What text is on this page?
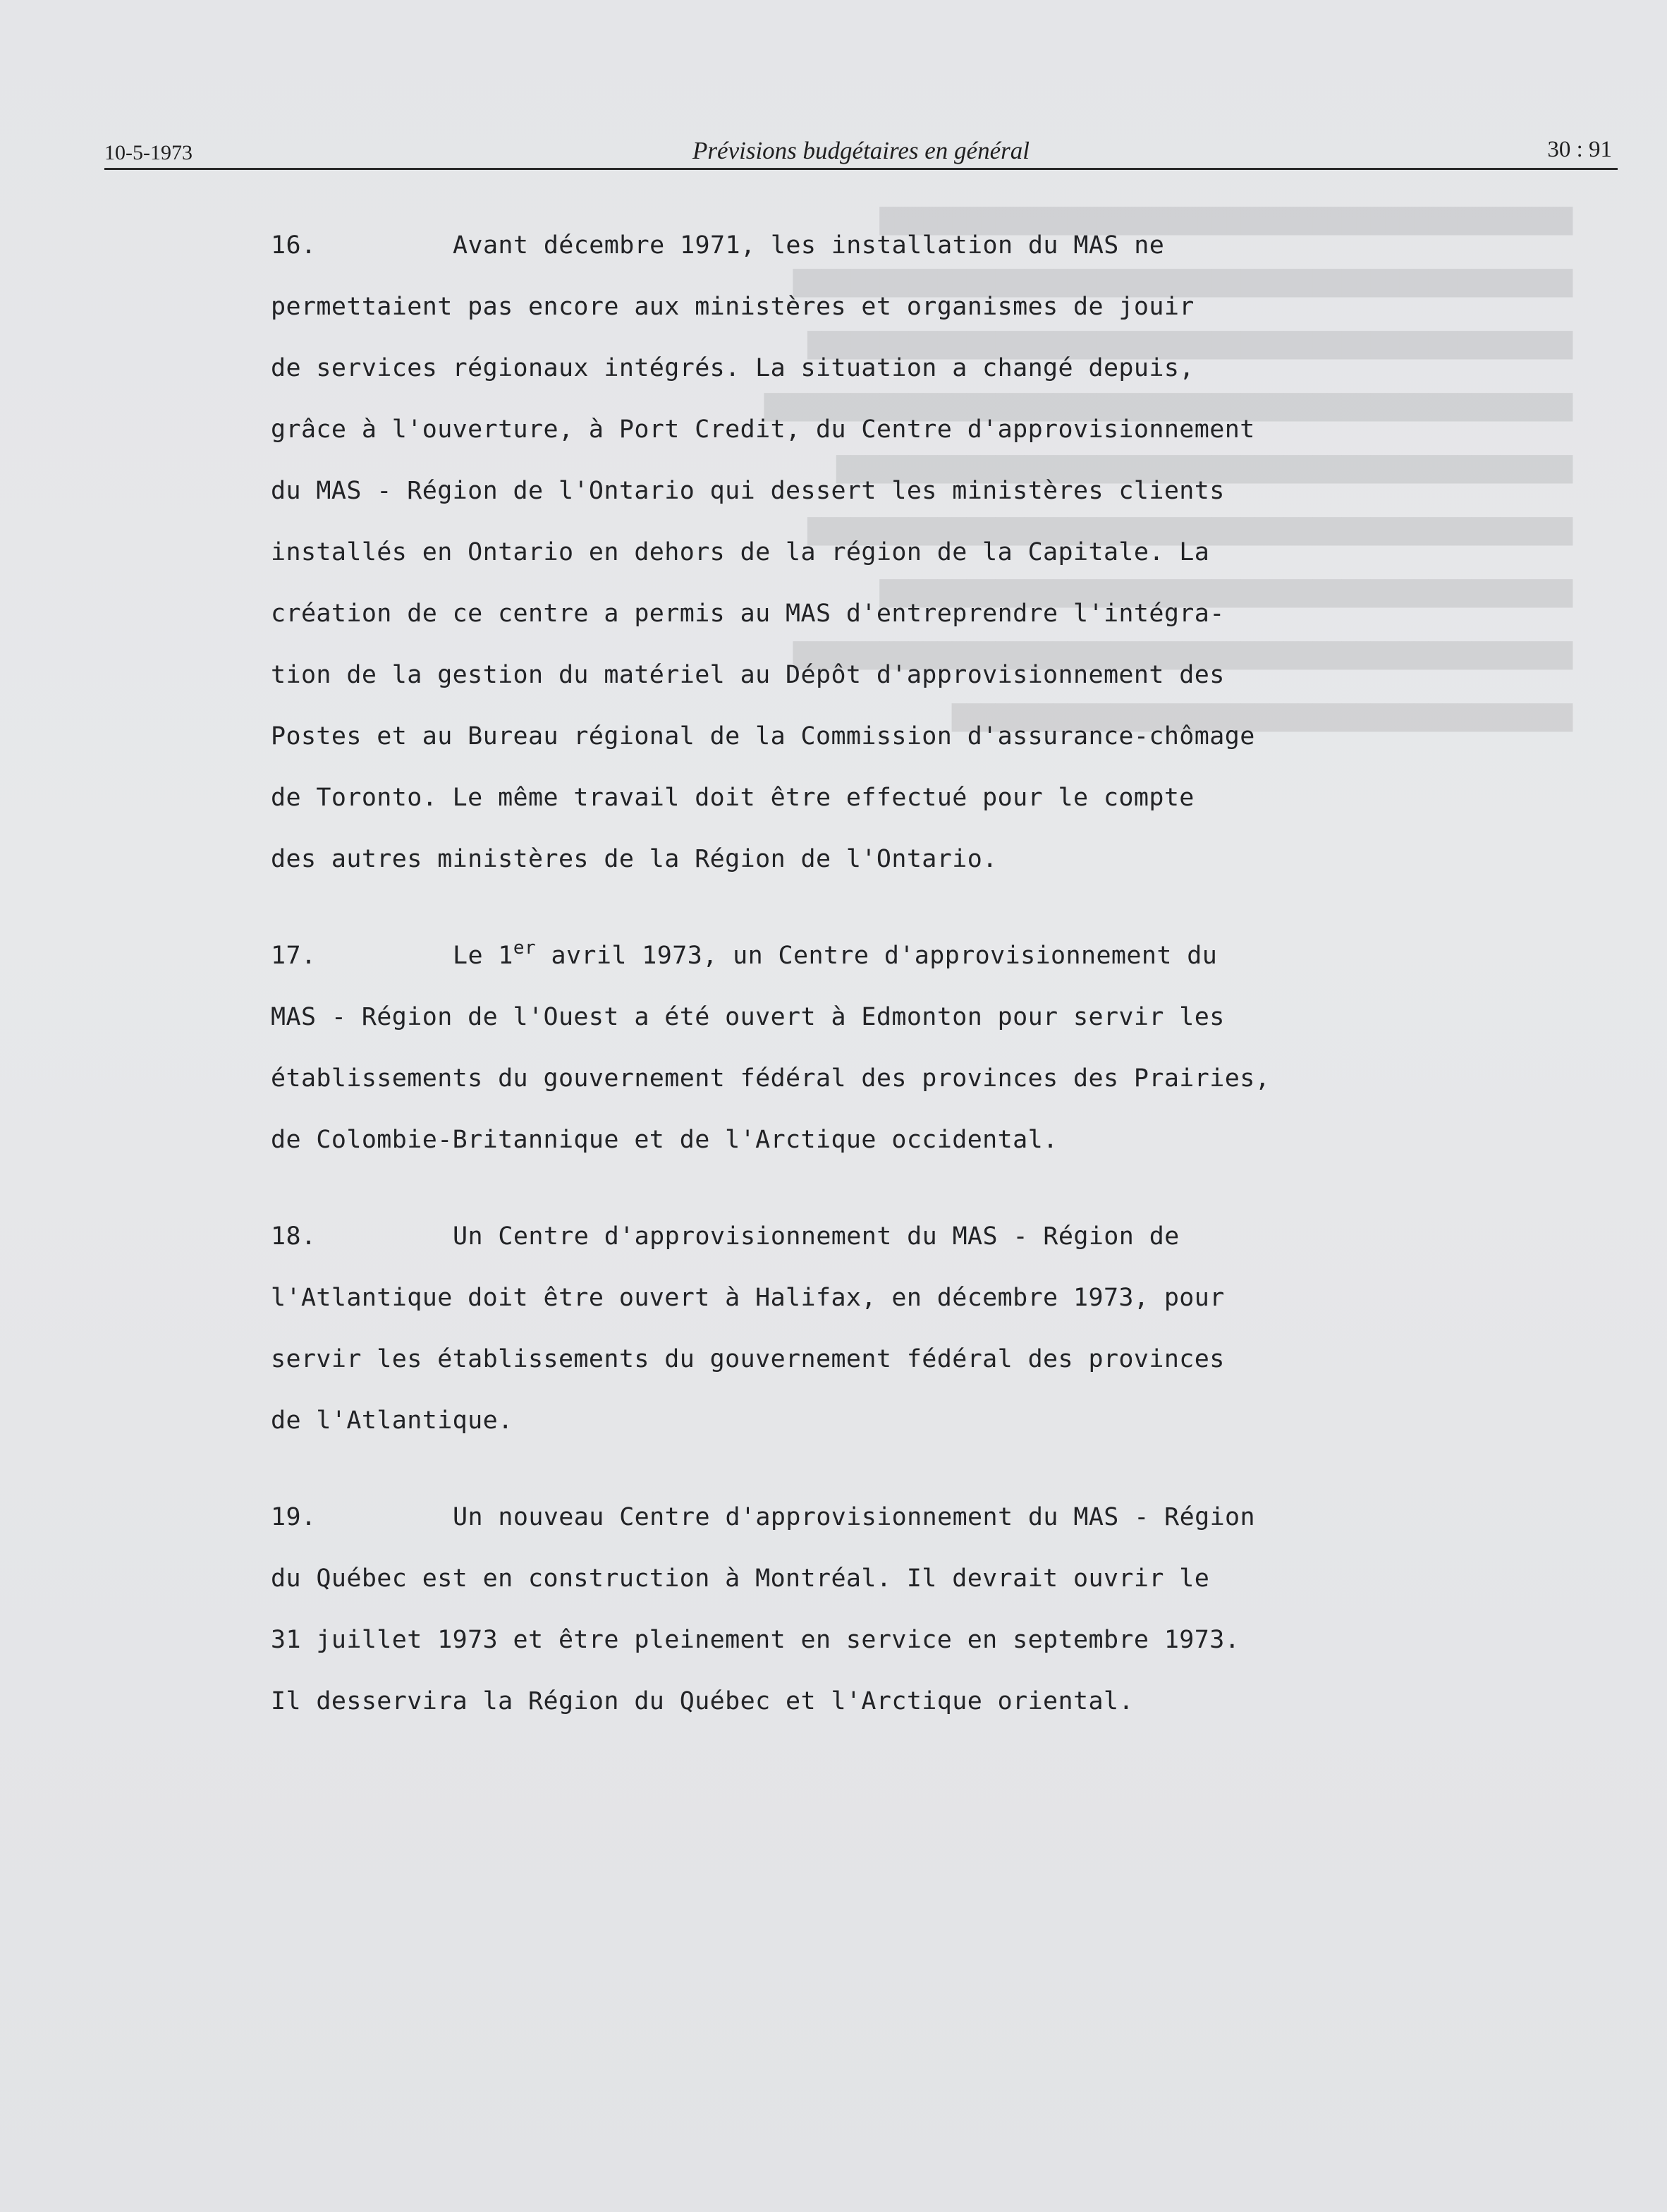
████████████████████████████████████████████████
██████████████████████████████████████████████████████
█████████████████████████████████████████████████████
████████████████████████████████████████████████████████
███████████████████████████████████████████████████
█████████████████████████████████████████████████████
████████████████████████████████████████████████
██████████████████████████████████████████████████████
███████████████████████████████████████████
10-5-1973	Prévisions budgétaires en général	30 : 91
16.	Avant décembre 1971, les installation du MAS ne
permettaient pas encore aux ministères et organismes de jouir
de services régionaux intégrés. La situation a changé depuis,
grâce à l'ouverture, à Port Credit, du Centre d'approvisionnement
du MAS - Région de l'Ontario qui dessert les ministères clients
installés en Ontario en dehors de la région de la Capitale. La
création de ce centre a permis au MAS d'entreprendre l'intégra-
tion de la gestion du matériel au Dépôt d'approvisionnement des
Postes et au Bureau régional de la Commission d'assurance-chômage
de Toronto. Le même travail doit être effectué pour le compte
des autres ministères de la Région de l'Ontario.
17.	Le 1er avril 1973, un Centre d'approvisionnement du
MAS - Région de l'Ouest a été ouvert à Edmonton pour servir les
établissements du gouvernement fédéral des provinces des Prairies,
de Colombie-Britannique et de l'Arctique occidental.
18.	Un Centre d'approvisionnement du MAS - Région de
l'Atlantique doit être ouvert à Halifax, en décembre 1973, pour
servir les établissements du gouvernement fédéral des provinces
de l'Atlantique.
19.	Un nouveau Centre d'approvisionnement du MAS - Région
du Québec est en construction à Montréal. Il devrait ouvrir le
31 juillet 1973 et être pleinement en service en septembre 1973.
Il desservira la Région du Québec et l'Arctique oriental.
